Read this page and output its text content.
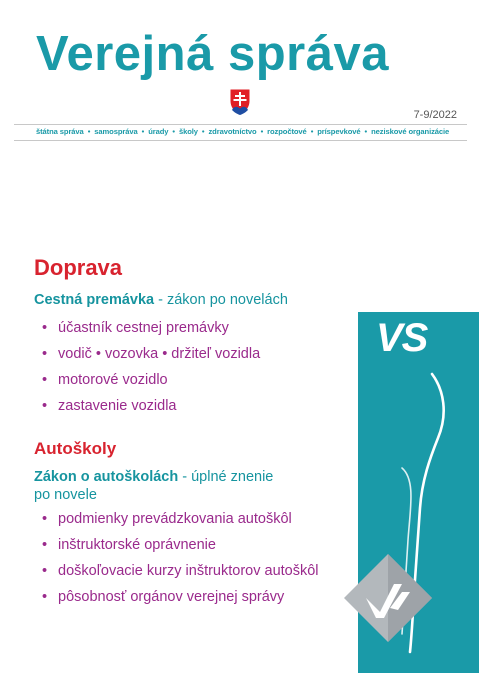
Verejná správa
7-9/2022
štátna správa • samospráva • úrady • školy • zdravotníctvo • rozpočtové • príspevkové • neziskové organizácie
VS
Doprava
Cestná premávka - zákon po novelách
• účastník cestnej premávky
• vodič • vozovka • držiteľ vozidla
• motorové vozidlo
• zastavenie vozidla
Autoškoly
Zákon o autoškolách - úplné znenie
po novele
• podmienky prevádzkovania autoškôl
• inštruktorské oprávnenie
• doškoľovacie kurzy inštruktorov autoškôl
• pôsobnosť orgánov verejnej správy
